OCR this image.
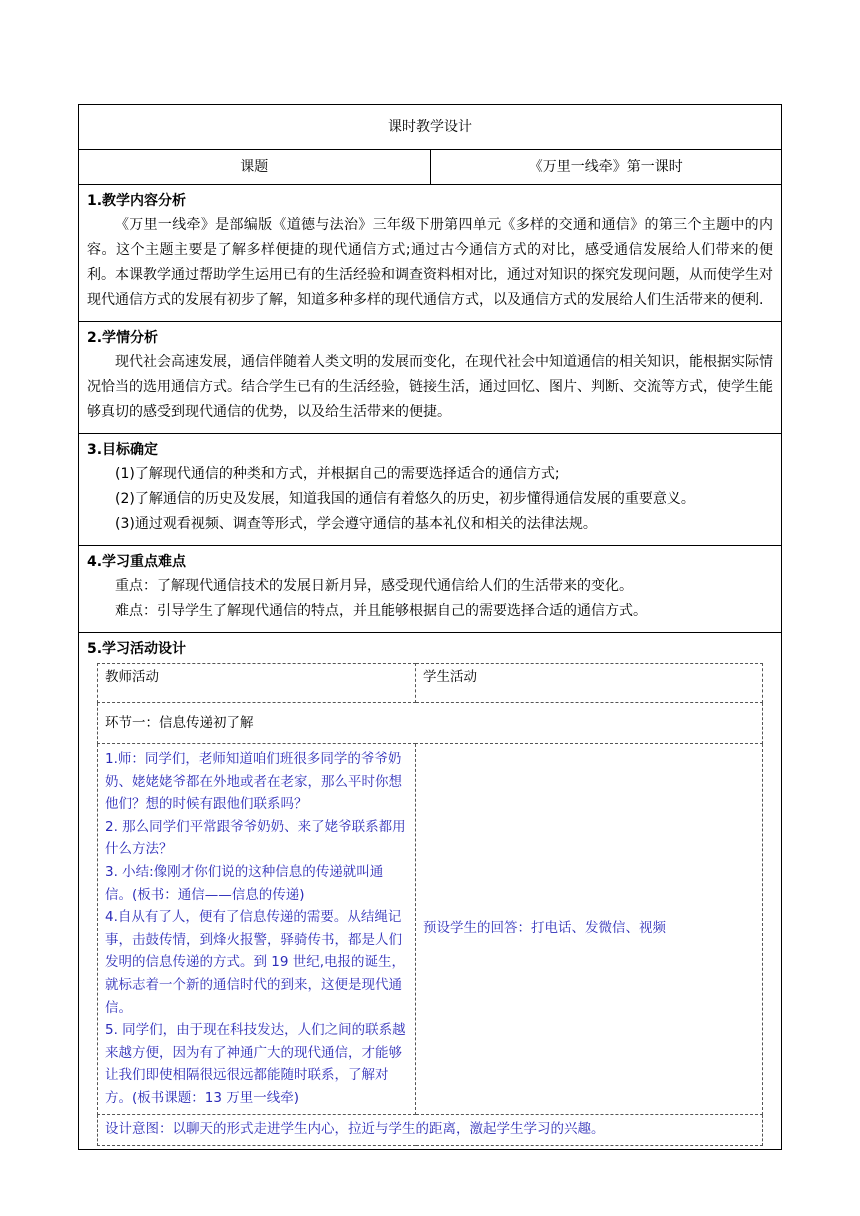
课时教学设计
课题	《万里一线牵》第一课时

1.教学内容分析

《万里一线牵》是部编版《道德与法治》三年级下册第四单元《多样的交通和通信》的第三个主题中的内容。这个主题主要是了解多样便捷的现代通信方式;通过古今通信方式的对比，感受通信发展给人们带来的便利。本课教学通过帮助学生运用已有的生活经验和调查资料相对比，通过对知识的探究发现问题，从而使学生对现代通信方式的发展有初步了解，知道多种多样的现代通信方式，以及通信方式的发展给人们生活带来的便利.

2.学情分析

现代社会高速发展，通信伴随着人类文明的发展而变化，在现代社会中知道通信的相关知识，能根据实际情况恰当的选用通信方式。结合学生已有的生活经验，链接生活，通过回忆、图片、判断、交流等方式，使学生能够真切的感受到现代通信的优势，以及给生活带来的便捷。

3.目标确定
(1)了解现代通信的种类和方式，并根据自己的需要选择适合的通信方式;
(2)了解通信的历史及发展，知道我国的通信有着悠久的历史，初步懂得通信发展的重要意义。
(3)通过观看视频、调查等形式，学会遵守通信的基本礼仪和相关的法律法规。

4.学习重点难点
重点：了解现代通信技术的发展日新月异，感受现代通信给人们的生活带来的变化。
难点：引导学生了解现代通信的特点，并且能够根据自己的需要选择合适的通信方式。

5.学习活动设计
教师活动	学生活动
环节一：信息传递初了解

1.师：同学们，老师知道咱们班很多同学的爷爷奶奶、姥姥姥爷都在外地或者在老家，那么平时你想他们？想的时候有跟他们联系吗？
2. 那么同学们平常跟爷爷奶奶、来了姥爷联系都用什么方法？
3. 小结:像刚才你们说的这种信息的传递就叫通信。(板书：通信——信息的传递)
4.自从有了人，便有了信息传递的需要。从结绳记事，击鼓传情，到烽火报警，驿骑传书，都是人们发明的信息传递的方式。到 19 世纪,电报的诞生，就标志着一个新的通信时代的到来，这便是现代通信。
5. 同学们，由于现在科技发达，人们之间的联系越来越方便，因为有了神通广大的现代通信，才能够让我们即使相隔很远很远都能随时联系，了解对方。(板书课题：13 万里一线牵)
	预设学生的回答：打电话、发微信、视频
设计意图：以聊天的形式走进学生内心，拉近与学生的距离，激起学生学习的兴趣。
